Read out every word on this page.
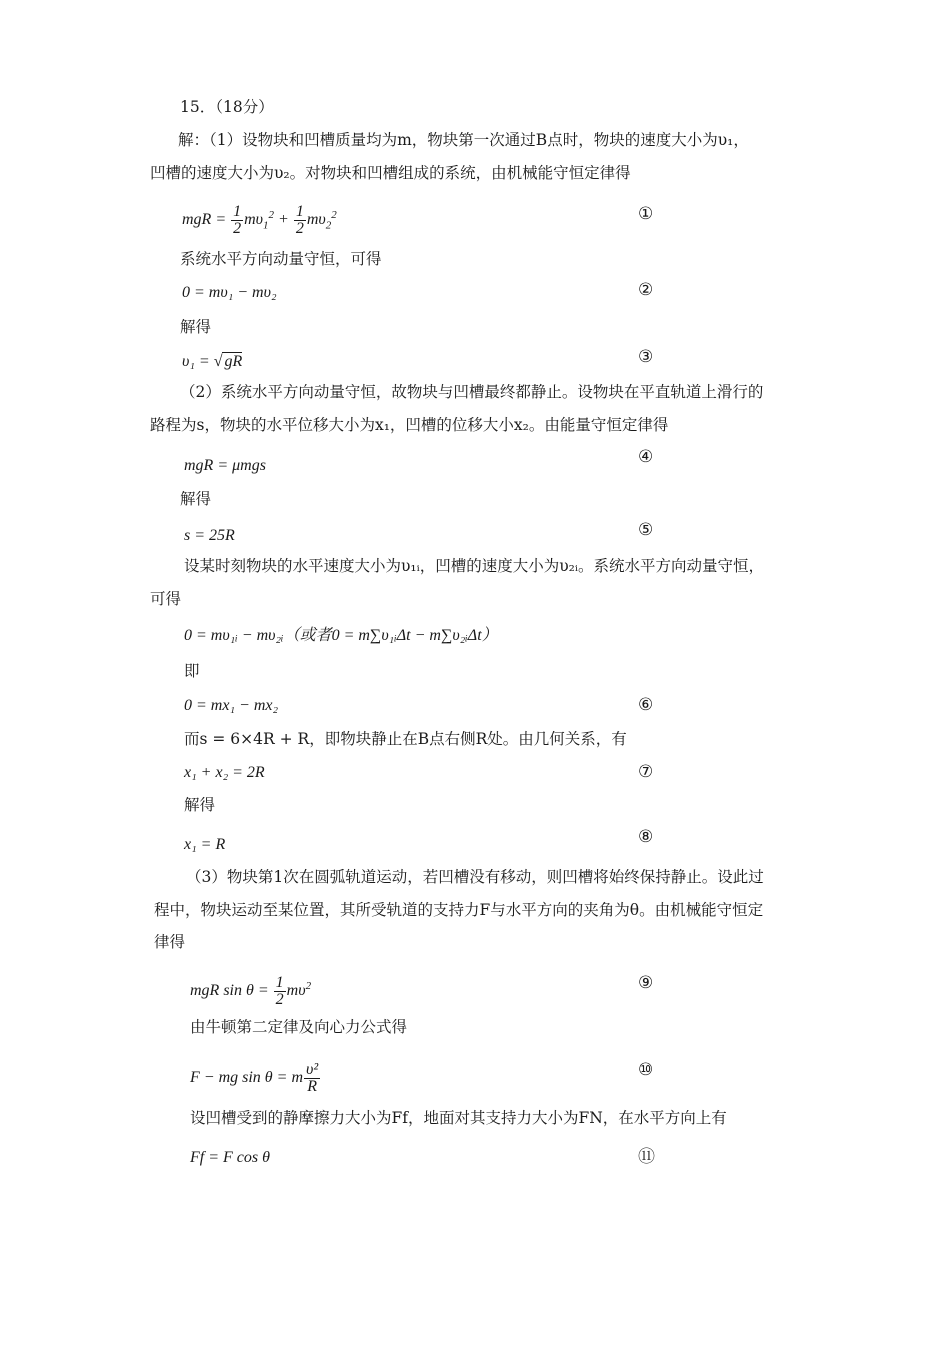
15．（18分）
解：（1）设物块和凹槽质量均为m，物块第一次通过B点时，物块的速度大小为υ₁，
凹槽的速度大小为υ₂。对物块和凹槽组成的系统，由机械能守恒定律得
mgR = $\frac{1}{2} m\upsilon_1^2 + \frac{1}{2} m\upsilon_2^2$	①
系统水平方向动量守恒，可得
0 = mυ₁ − mυ₂	②
解得
υ₁ = √ gR	③
（2）系统水平方向动量守恒，故物块与凹槽最终都静止。设物块在平直轨道上滑行的
路程为s，物块的水平位移大小为x₁，凹槽的位移大小x₂。由能量守恒定律得
mgR = μmgs	④
解得
s = 25R	⑤
设某时刻物块的水平速度大小为υ₁ᵢ，凹槽的速度大小为υ₂ᵢ。系统水平方向动量守恒，
可得
0 = mυ₁ᵢ − mυ₂ᵢ（或者0 = m∑υ₁ᵢΔt − m∑υ₂ᵢΔt）
即
0 = mx₁ − mx₂	⑥
而s = 6×4R + R，即物块静止在B点右侧R处。由几何关系，有
x₁ + x₂ = 2R	⑦
解得
x₁ = R	⑧
（3）物块第1次在圆弧轨道运动，若凹槽没有移动，则凹槽将始终保持静止。设此过
程中，物块运动至某位置，其所受轨道的支持力F与水平方向的夹角为θ。由机械能守恒定
律得
mgR $\sin \theta = \frac{1}{2} m\upsilon^2$	⑨
由牛顿第二定律及向心力公式得
F − mg sin θ = m $\frac{\text{υ²}}{R}$	⑩
设凹槽受到的静摩擦力大小为Ff，地面对其支持力大小为FN，在水平方向上有
Ff = F cos θ	⑪
